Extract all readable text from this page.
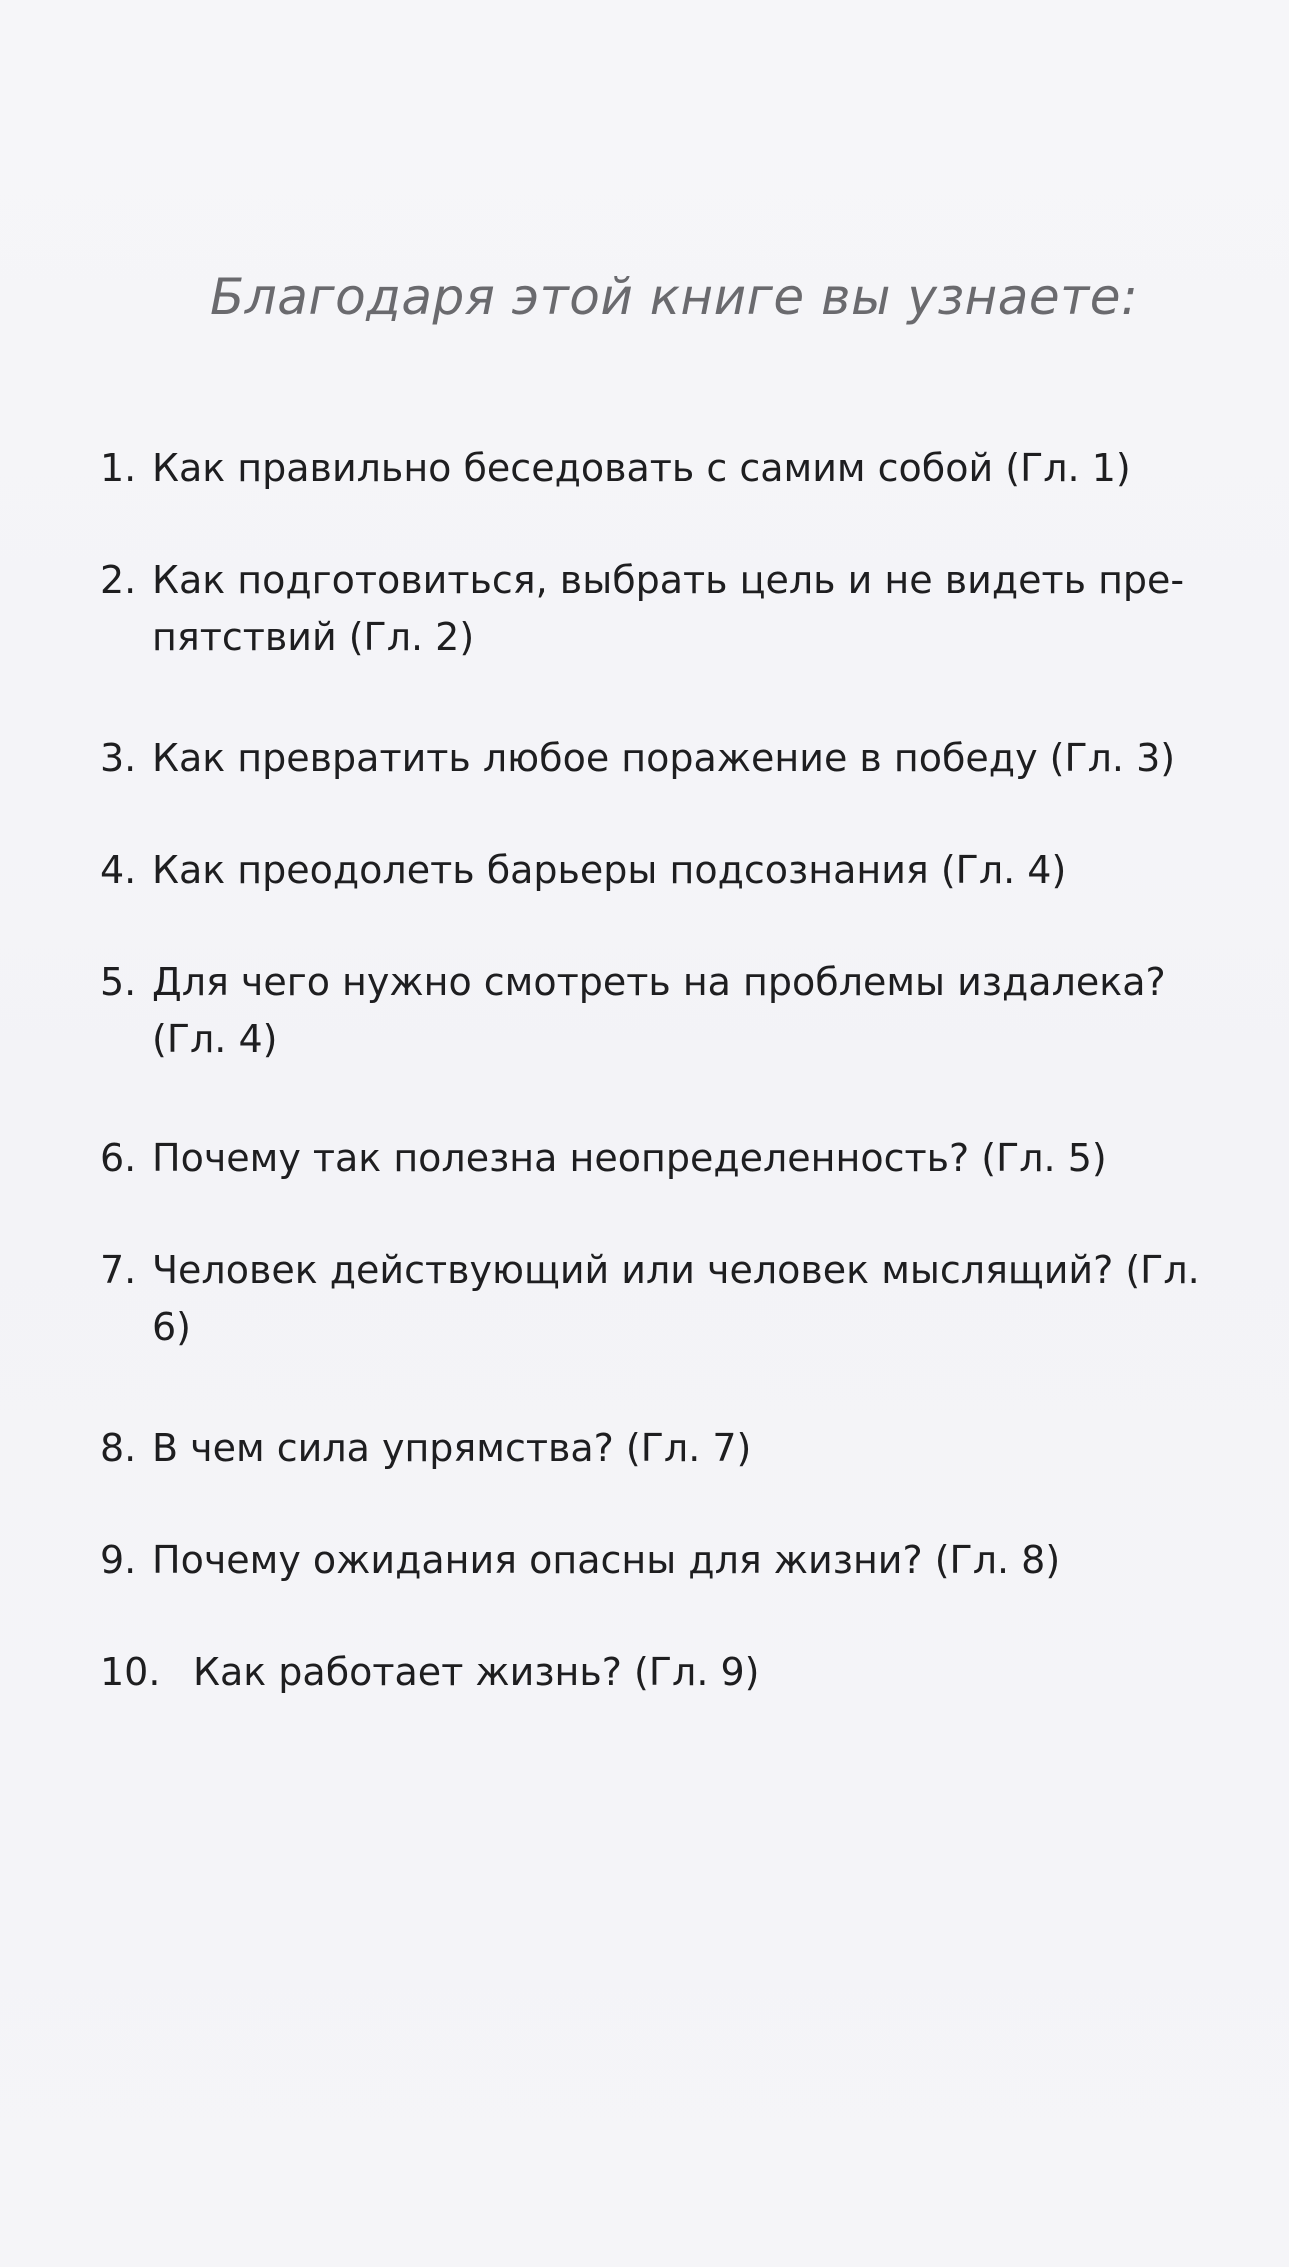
Благодаря этой книге вы узнаете:
1. Как правильно беседовать с самим собой (Гл. 1)
2. Как подготовиться, выбрать цель и не видеть пре-пятствий (Гл. 2)
3. Как превратить любое поражение в победу (Гл. 3)
4. Как преодолеть барьеры подсознания (Гл. 4)
5. Для чего нужно смотреть на проблемы издалека? (Гл. 4)
6. Почему так полезна неопределенность? (Гл. 5)
7. Человек действующий или человек мыслящий? (Гл. 6)
8. В чем сила упрямства? (Гл. 7)
9. Почему ожидания опасны для жизни? (Гл. 8)
10. Как работает жизнь? (Гл. 9)
